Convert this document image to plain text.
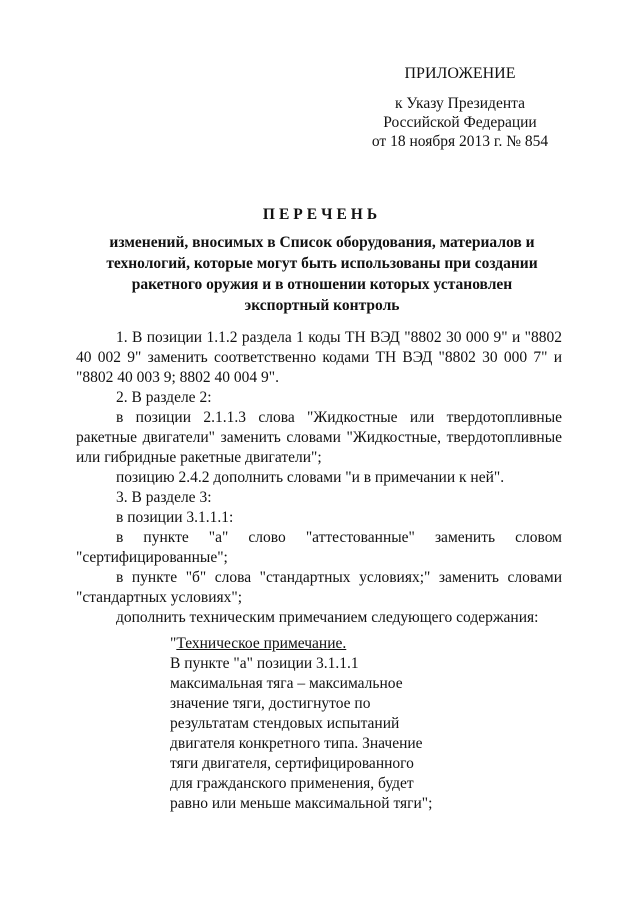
ПРИЛОЖЕНИЕ
к Указу Президента
Российской Федерации
от 18 ноября 2013 г. № 854
ПЕРЕЧЕНЬ
изменений, вносимых в Список оборудования, материалов и
технологий, которые могут быть использованы при создании
ракетного оружия и в отношении которых установлен
экспортный контроль

1. В позиции 1.1.2 раздела 1 коды ТН ВЭД "8802 30 000 9" и "8802 40 002 9" заменить соответственно кодами ТН ВЭД "8802 30 000 7" и "8802 40 003 9; 8802 40 004 9".

2. В разделе 2:

в позиции 2.1.1.3 слова "Жидкостные или твердотопливные ракетные двигатели" заменить словами "Жидкостные, твердотопливные или гибридные ракетные двигатели";

позицию 2.4.2 дополнить словами "и в примечании к ней".

3. В разделе 3:

в позиции 3.1.1.1:

в пункте "а" слово "аттестованные" заменить словом "сертифицированные";

в пункте "б" слова "стандартных условиях;" заменить словами "стандартных условиях";

дополнить техническим примечанием следующего содержания:

"Техническое примечание.
В пункте "а" позиции 3.1.1.1
максимальная тяга – максимальное
значение тяги, достигнутое по
результатам стендовых испытаний
двигателя конкретного типа. Значение
тяги двигателя, сертифицированного
для гражданского применения, будет
равно или меньше максимальной тяги";
